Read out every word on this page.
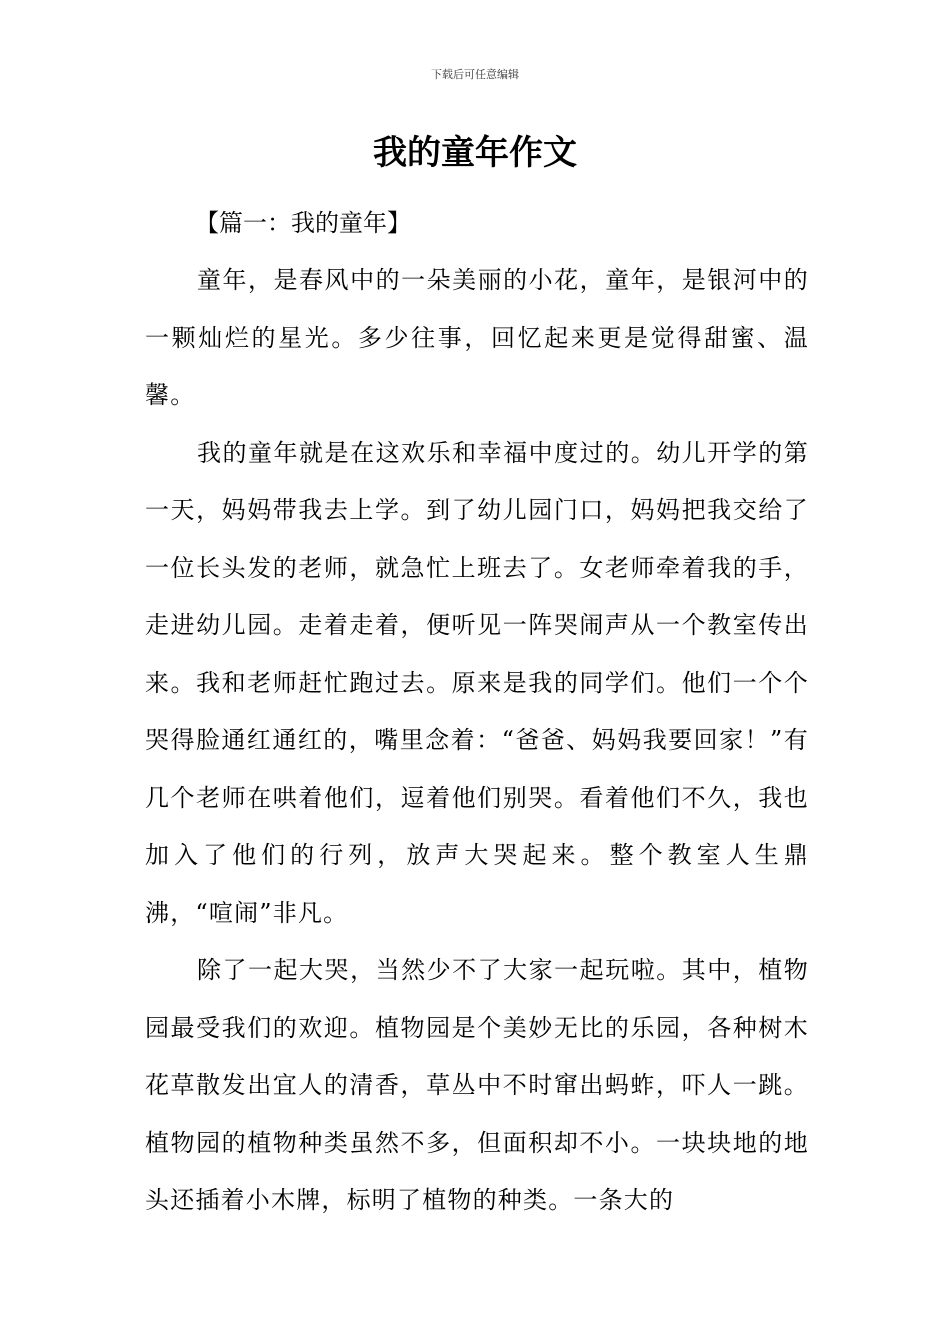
下载后可任意编辑
我的童年作文

【篇一：我的童年】

童年，是春风中的一朵美丽的小花，童年，是银河中的一颗灿烂的星光。多少往事，回忆起来更是觉得甜蜜、温馨。

我的童年就是在这欢乐和幸福中度过的。幼儿开学的第一天，妈妈带我去上学。到了幼儿园门口，妈妈把我交给了一位长头发的老师，就急忙上班去了。女老师牵着我的手，走进幼儿园。走着走着，便听见一阵哭闹声从一个教室传出来。我和老师赶忙跑过去。原来是我的同学们。他们一个个哭得脸通红通红的，嘴里念着：“爸爸、妈妈我要回家！”有几个老师在哄着他们，逗着他们别哭。看着他们不久，我也加入了他们的行列，放声大哭起来。整个教室人生鼎沸，“喧闹”非凡。

除了一起大哭，当然少不了大家一起玩啦。其中，植物园最受我们的欢迎。植物园是个美妙无比的乐园，各种树木花草散发出宜人的清香，草丛中不时窜出蚂蚱，吓人一跳。植物园的植物种类虽然不多，但面积却不小。一块块地的地头还插着小木牌，标明了植物的种类。一条大的
